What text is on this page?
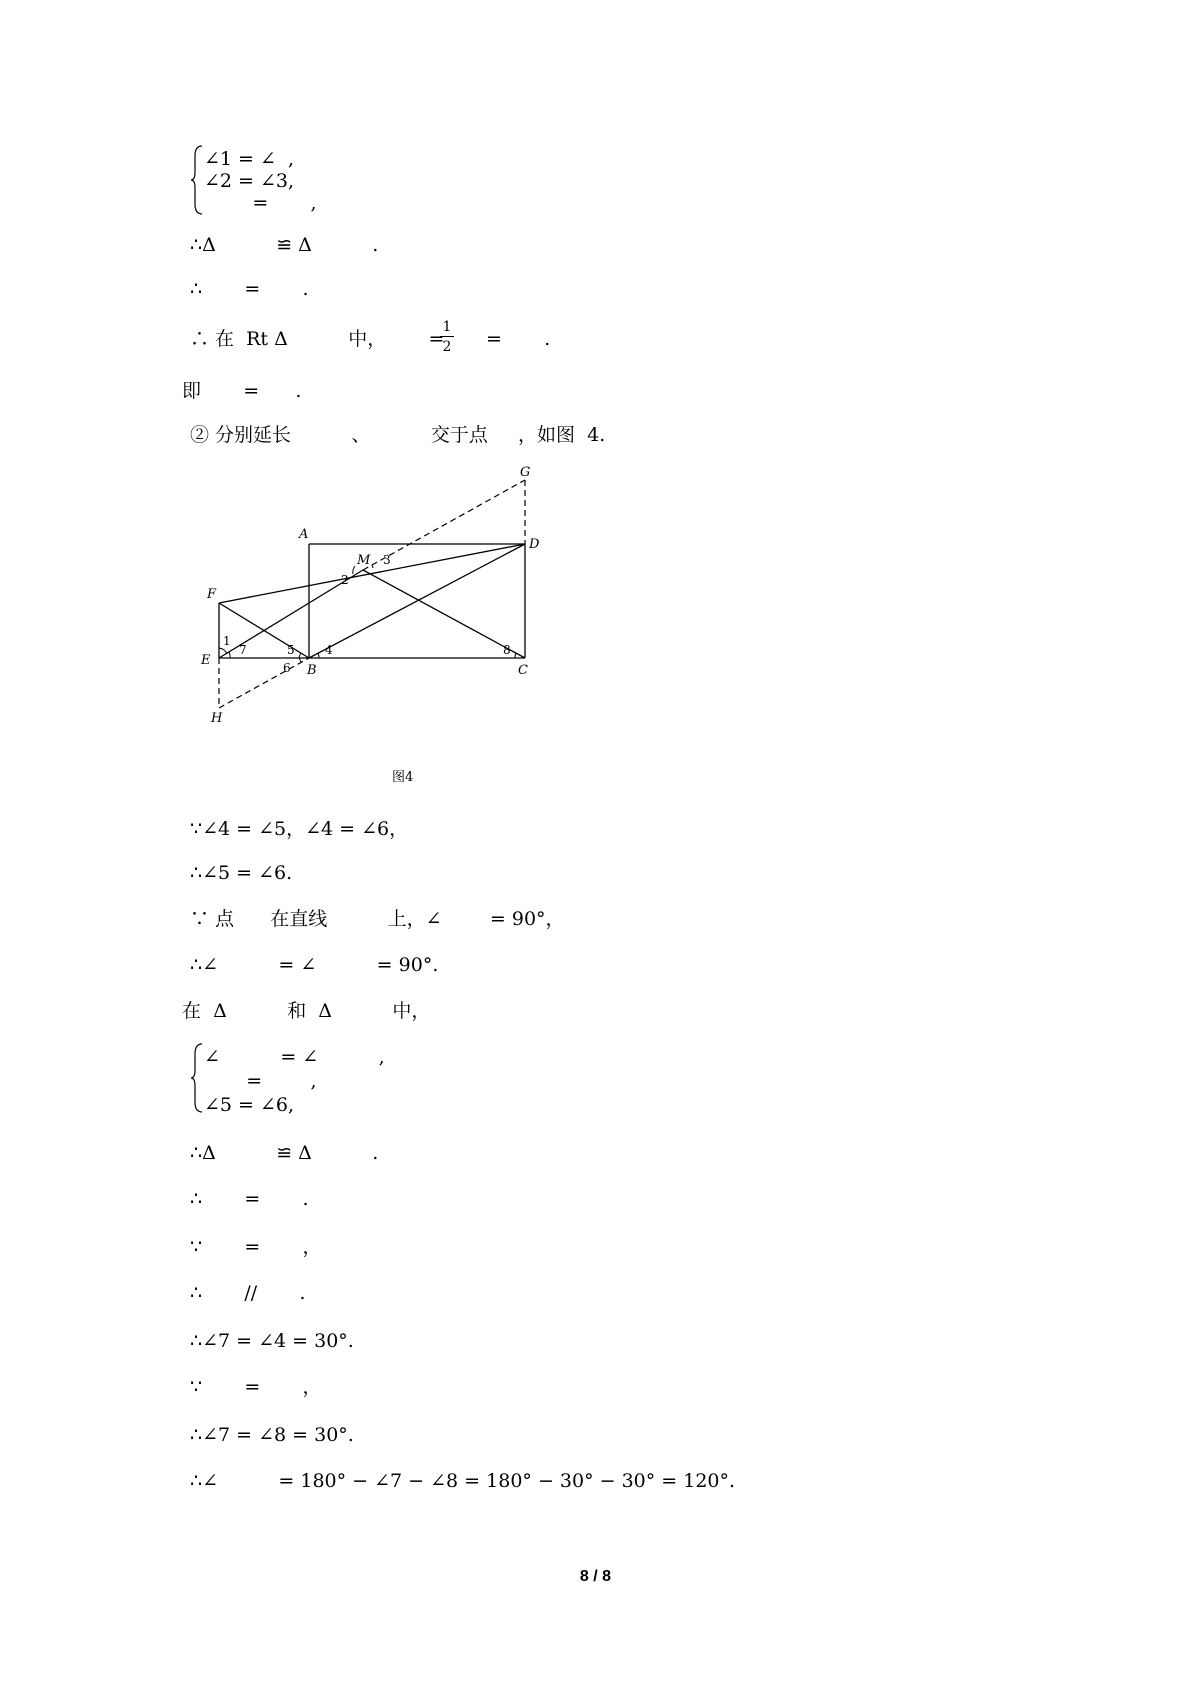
∠1 = ∠  ,
∠2 = ∠3,
=       ,
∴Δ          ≌ Δ          .
∴       =       .
∴ 在  Rt Δ          中，       =
1
2 =       .
即       =      .
② 分别延长          、          交于点     ，如图  4.
A
B	C
D
E
F
G
H
M
1
2
3
4
5
6
7	8
图4
∵∠4 = ∠5，∠4 = ∠6，
∴∠5 = ∠6.
∵ 点      在直线          上，∠        = 90°，
∴∠          = ∠          = 90°.
在  Δ          和  Δ          中，
∠          = ∠          ,
=        ,
∠5 = ∠6,
∴Δ          ≌ Δ          .
∴       =       .
∵       =       ，
∴       //       .
∴∠7 = ∠4 = 30°.
∵       =       ，
∴∠7 = ∠8 = 30°.
∴∠          = 180° − ∠7 − ∠8 = 180° − 30° − 30° = 120°.
8 / 8
